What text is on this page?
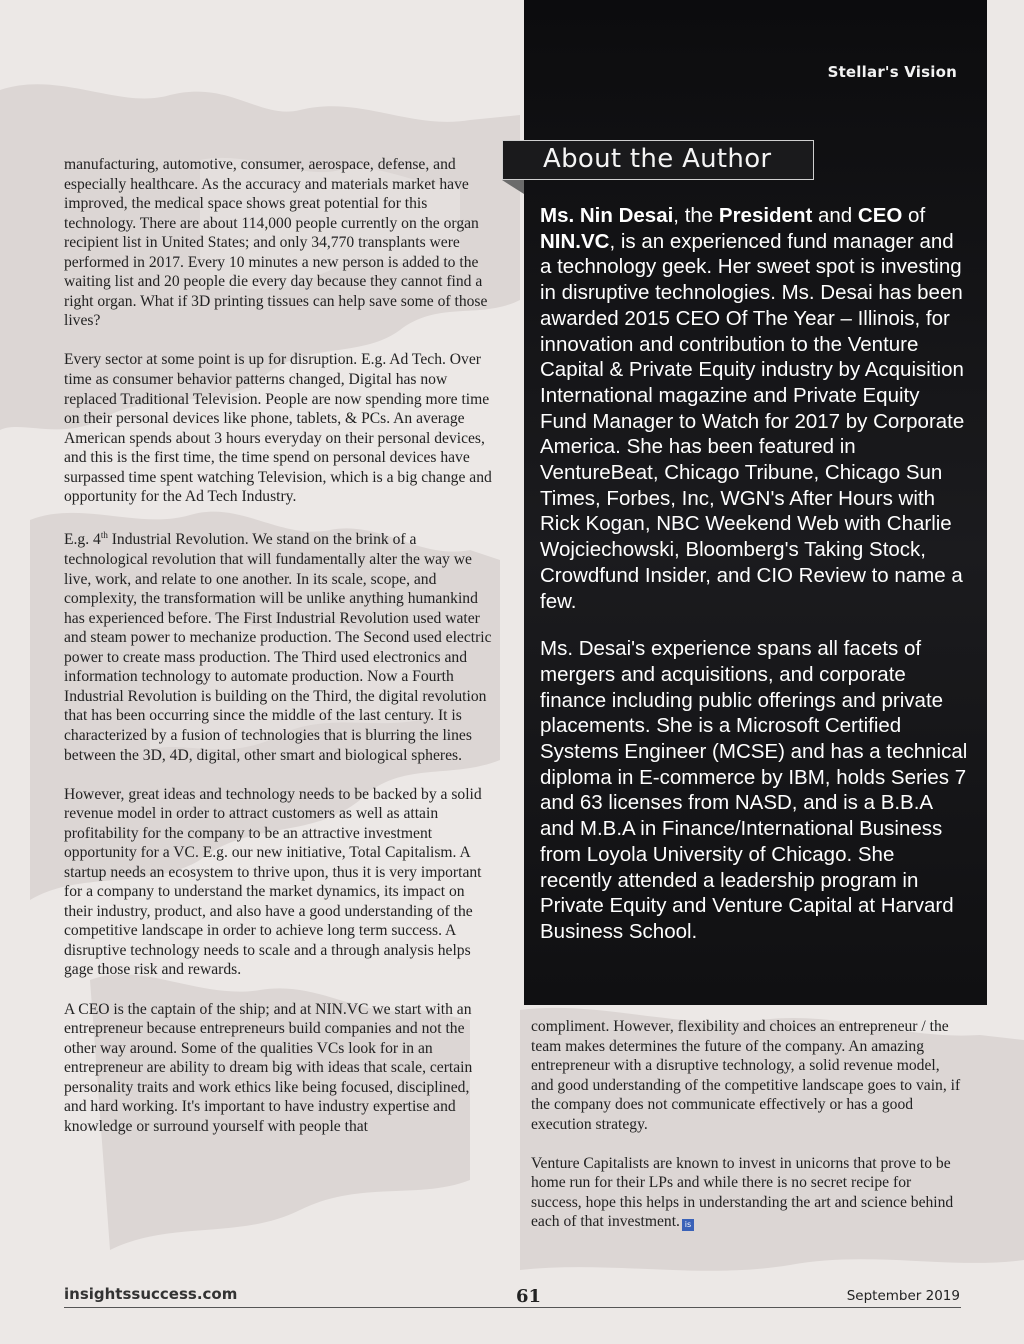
Stellar's Vision
About the Author

Ms. Nin Desai, the President and CEO of NIN.VC, is an experienced fund manager and a technology geek. Her sweet spot is investing in disruptive technologies. Ms. Desai has been awarded 2015 CEO Of The Year – Illinois, for innovation and contribution to the Venture Capital & Private Equity industry by Acquisition International magazine and Private Equity Fund Manager to Watch for 2017 by Corporate America. She has been featured in VentureBeat, Chicago Tribune, Chicago Sun Times, Forbes, Inc, WGN's After Hours with Rick Kogan, NBC Weekend Web with Charlie Wojciechowski, Bloomberg's Taking Stock, Crowdfund Insider, and CIO Review to name a few.

Ms. Desai's experience spans all facets of mergers and acquisitions, and corporate finance including public offerings and private placements. She is a Microsoft Certified Systems Engineer (MCSE) and has a technical diploma in E-commerce by IBM, holds Series 7 and 63 licenses from NASD, and is a B.B.A and M.B.A in Finance/International Business from Loyola University of Chicago. She recently attended a leadership program in Private Equity and Venture Capital at Harvard Business School.

manufacturing, automotive, consumer, aerospace, defense, and especially healthcare. As the accuracy and materials market have improved, the medical space shows great potential for this technology. There are about 114,000 people currently on the organ recipient list in United States; and only 34,770 transplants were performed in 2017. Every 10 minutes a new person is added to the waiting list and 20 people die every day because they cannot find a right organ. What if 3D printing tissues can help save some of those lives?

Every sector at some point is up for disruption. E.g. Ad Tech. Over time as consumer behavior patterns changed, Digital has now replaced Traditional Television. People are now spending more time on their personal devices like phone, tablets, & PCs. An average American spends about 3 hours everyday on their personal devices, and this is the first time, the time spend on personal devices have surpassed time spent watching Television, which is a big change and opportunity for the Ad Tech Industry.

E.g. 4th Industrial Revolution. We stand on the brink of a technological revolution that will fundamentally alter the way we live, work, and relate to one another. In its scale, scope, and complexity, the transformation will be unlike anything humankind has experienced before. The First Industrial Revolution used water and steam power to mechanize production. The Second used electric power to create mass production. The Third used electronics and information technology to automate production. Now a Fourth Industrial Revolution is building on the Third, the digital revolution that has been occurring since the middle of the last century. It is characterized by a fusion of technologies that is blurring the lines between the 3D, 4D, digital, other smart and biological spheres.

However, great ideas and technology needs to be backed by a solid revenue model in order to attract customers as well as attain profitability for the company to be an attractive investment opportunity for a VC. E.g. our new initiative, Total Capitalism. A startup needs an ecosystem to thrive upon, thus it is very important for a company to understand the market dynamics, its impact on their industry, product, and also have a good understanding of the competitive landscape in order to achieve long term success. A disruptive technology needs to scale and a through analysis helps gage those risk and rewards.

A CEO is the captain of the ship; and at NIN.VC we start with an entrepreneur because entrepreneurs build companies and not the other way around. Some of the qualities VCs look for in an entrepreneur are ability to dream big with ideas that scale, certain personality traits and work ethics like being focused, disciplined, and hard working. It's important to have industry expertise and knowledge or surround yourself with people that

compliment. However, flexibility and choices an entrepreneur / the team makes determines the future of the company. An amazing entrepreneur with a disruptive technology, a solid revenue model, and good understanding of the competitive landscape goes to vain, if the company does not communicate effectively or has a good execution strategy.

Venture Capitalists are known to invest in unicorns that prove to be home run for their LPs and while there is no secret recipe for success, hope this helps in understanding the art and science behind each of that investment. is

insightssuccess.com	61	September 2019
